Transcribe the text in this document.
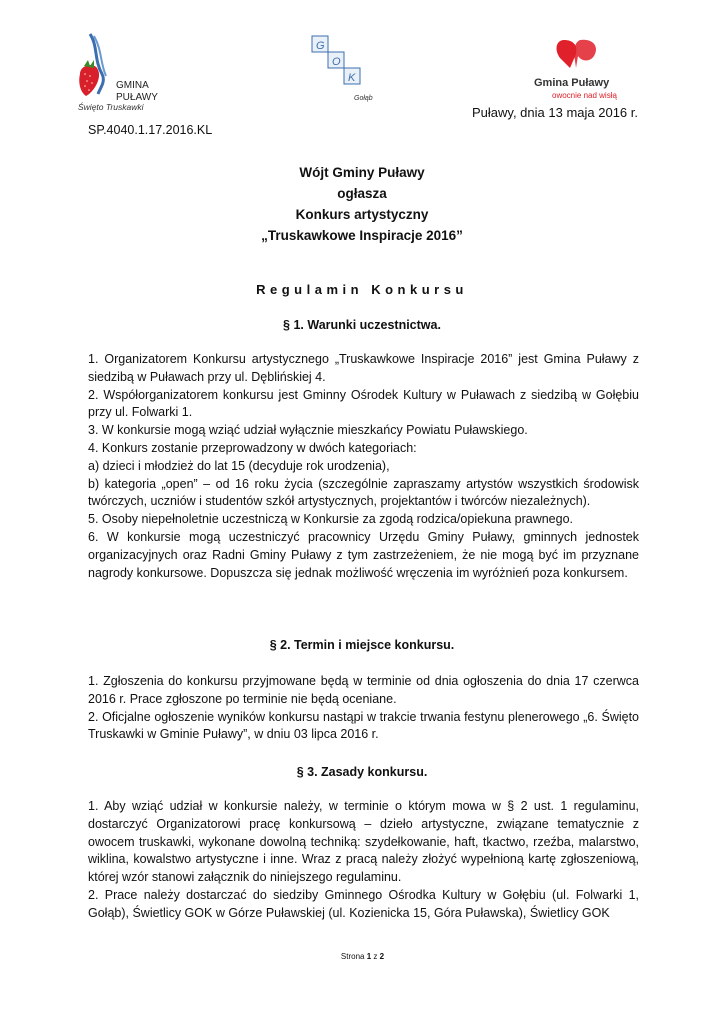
GMINA
PUŁAWY
Święto Truskawki
G
O
K
Gołąb
Gmina Puławy
owocnie nad wisłą
Puławy, dnia 13 maja 2016 r.
SP.4040.1.17.2016.KL
Wójt Gminy Puławy
ogłasza
Konkurs artystyczny
„Truskawkowe Inspiracje 2016”
Regulamin Konkursu
§ 1. Warunki uczestnictwa.

1. Organizatorem Konkursu artystycznego „Truskawkowe Inspiracje 2016” jest Gmina Puławy z siedzibą w Puławach przy ul. Dęblińskiej 4.

2. Współorganizatorem konkursu jest Gminny Ośrodek Kultury w Puławach z siedzibą w Gołębiu przy ul. Folwarki 1.

3. W konkursie mogą wziąć udział wyłącznie mieszkańcy Powiatu Puławskiego.

4. Konkurs zostanie przeprowadzony w dwóch kategoriach:

a) dzieci i młodzież do lat 15 (decyduje rok urodzenia),

b) kategoria „open” – od 16 roku życia (szczególnie zapraszamy artystów wszystkich środowisk twórczych, uczniów i studentów szkół artystycznych, projektantów i twórców niezależnych).

5. Osoby niepełnoletnie uczestniczą w Konkursie za zgodą rodzica/opiekuna prawnego.

6. W konkursie mogą uczestniczyć pracownicy Urzędu Gminy Puławy, gminnych jednostek organizacyjnych oraz Radni Gminy Puławy z tym zastrzeżeniem, że nie mogą być im przyznane nagrody konkursowe. Dopuszcza się jednak możliwość wręczenia im wyróżnień poza konkursem.

§ 2. Termin i miejsce konkursu.

1. Zgłoszenia do konkursu przyjmowane będą w terminie od dnia ogłoszenia do dnia 17 czerwca 2016 r. Prace zgłoszone po terminie nie będą oceniane.

2. Oficjalne ogłoszenie wyników konkursu nastąpi w trakcie trwania festynu plenerowego „6. Święto Truskawki w Gminie Puławy”, w dniu 03 lipca 2016 r.

§ 3. Zasady konkursu.

1. Aby wziąć udział w konkursie należy, w terminie o którym mowa w § 2 ust. 1 regulaminu, dostarczyć Organizatorowi pracę konkursową – dzieło artystyczne, związane tematycznie z owocem truskawki, wykonane dowolną techniką: szydełkowanie, haft, tkactwo, rzeźba, malarstwo, wiklina, kowalstwo artystyczne i inne. Wraz z pracą należy złożyć wypełnioną kartę zgłoszeniową, której wzór stanowi załącznik do niniejszego regulaminu.

2. Prace należy dostarczać do siedziby Gminnego Ośrodka Kultury w Gołębiu (ul. Folwarki 1, Gołąb), Świetlicy GOK w Górze Puławskiej (ul. Kozienicka 15, Góra Puławska), Świetlicy GOK

Strona 1 z 2
